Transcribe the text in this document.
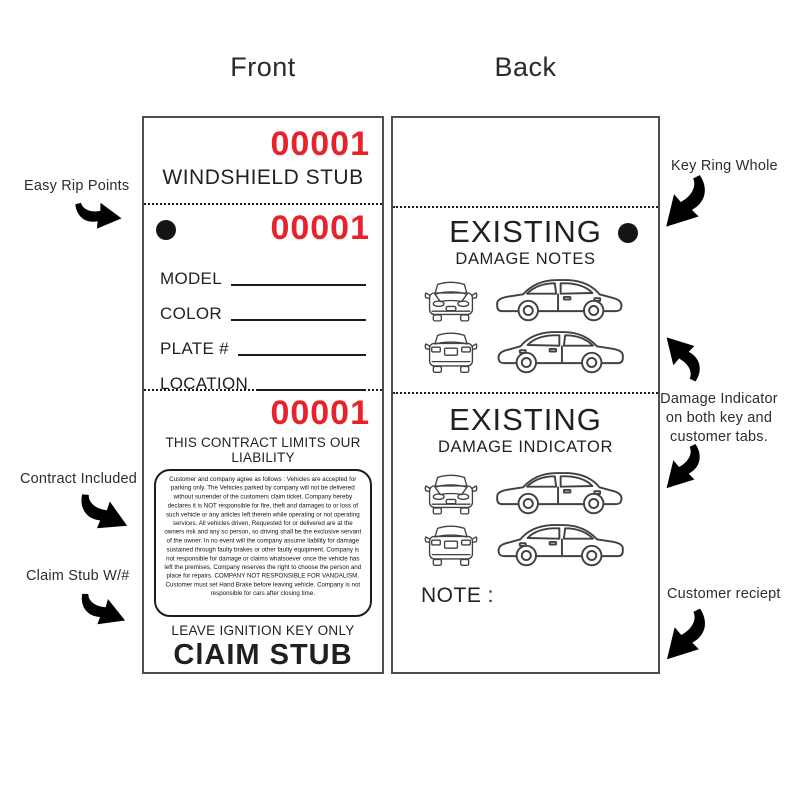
Front	Back
00001
WINDSHIELD STUB
00001
MODEL
COLOR
PLATE #
LOCATION
00001
THIS CONTRACT LIMITS OUR LIABILITY
Customer and company agree as follows : Vehicles are accepted for parking only. The Vehicles parked by company will not be delivered without surrender of the customers claim ticket. Company hereby declares it is NOT responsible for fire, theft and damages to or loss of such vehicle or any articles left therein while operating or not operating services. All vehicles driven, Requested for or delivered are at the owners risk and any so person, so driving shall be the exclusive servant of the owner. In no event will the company assume liability for damage sustained through faulty brakes or other faulty equipment. Company is not responsible for damage or claims whatsoever once the vehicle has left the premises. Company reserves the right to choose the person and place for repairs. COMPANY NOT RESPONSIBLE FOR VANDALISM. Customer must set Hand Brake before leaving vehicle. Company is not responsible for cars after closing time.
LEAVE IGNITION KEY ONLY
ClAIM STUB
EXISTING
DAMAGE NOTES
EXISTING
DAMAGE INDICATOR
NOTE :
Easy Rip Points
Contract Included
Claim Stub W/#
Key Ring Whole
Damage Indicator on both key and customer tabs.
Customer reciept
